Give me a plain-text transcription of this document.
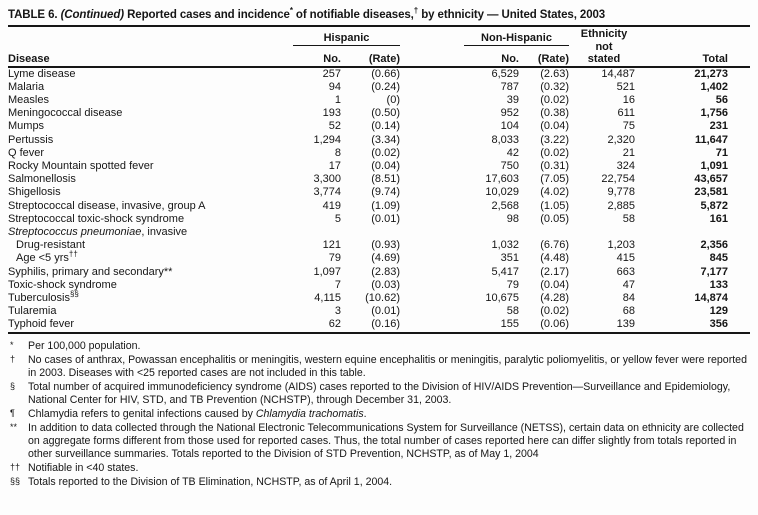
TABLE 6. (Continued) Reported cases and incidence* of notifiable diseases,† by ethnicity — United States, 2003
Disease	Hispanic			Non-Hispanic		Ethnicity
not
stated	Total
	No.	(Rate)		No.	(Rate)		
Lyme disease	257	(0.66)		6,529	(2.63)	14,487	21,273
Malaria	94	(0.24)		787	(0.32)	521	1,402
Measles	1	(0)		39	(0.02)	16	56
Meningococcal disease	193	(0.50)		952	(0.38)	611	1,756
Mumps	52	(0.14)		104	(0.04)	75	231
Pertussis	1,294	(3.34)		8,033	(3.22)	2,320	11,647
Q fever	8	(0.02)		42	(0.02)	21	71
Rocky Mountain spotted fever	17	(0.04)		750	(0.31)	324	1,091
Salmonellosis	3,300	(8.51)		17,603	(7.05)	22,754	43,657
Shigellosis	3,774	(9.74)		10,029	(4.02)	9,778	23,581
Streptococcal disease, invasive, group A	419	(1.09)		2,568	(1.05)	2,885	5,872
Streptococcal toxic-shock syndrome	5	(0.01)		98	(0.05)	58	161
Streptococcus pneumoniae, invasive							
Drug-resistant	121	(0.93)		1,032	(6.76)	1,203	2,356
Age <5 yrs††	79	(4.69)		351	(4.48)	415	845
Syphilis, primary and secondary**	1,097	(2.83)		5,417	(2.17)	663	7,177
Toxic-shock syndrome	7	(0.03)		79	(0.04)	47	133
Tuberculosis§§	4,115	(10.62)		10,675	(4.28)	84	14,874
Tularemia	3	(0.01)		58	(0.02)	68	129
Typhoid fever	62	(0.16)		155	(0.06)	139	356
*	Per 100,000 population.
†	No cases of anthrax, Powassan encephalitis or meningitis, western equine encephalitis or meningitis, paralytic poliomyelitis, or yellow fever were reported in 2003. Diseases with <25 reported cases are not included in this table.
§	Total number of acquired immunodeficiency syndrome (AIDS) cases reported to the Division of HIV/AIDS Prevention—Surveillance and Epidemiology, National Center for HIV, STD, and TB Prevention (NCHSTP), through December 31, 2003.
¶	Chlamydia refers to genital infections caused by Chlamydia trachomatis.
**	In addition to data collected through the National Electronic Telecommunications System for Surveillance (NETSS), certain data on ethnicity are collected on aggregate forms different from those used for reported cases. Thus, the total number of cases reported here can differ slightly from totals reported in other surveillance summaries. Totals reported to the Division of STD Prevention, NCHSTP, as of May 1, 2004
†† Notifiable in <40 states.
§§ Totals reported to the Division of TB Elimination, NCHSTP, as of April 1, 2004.
